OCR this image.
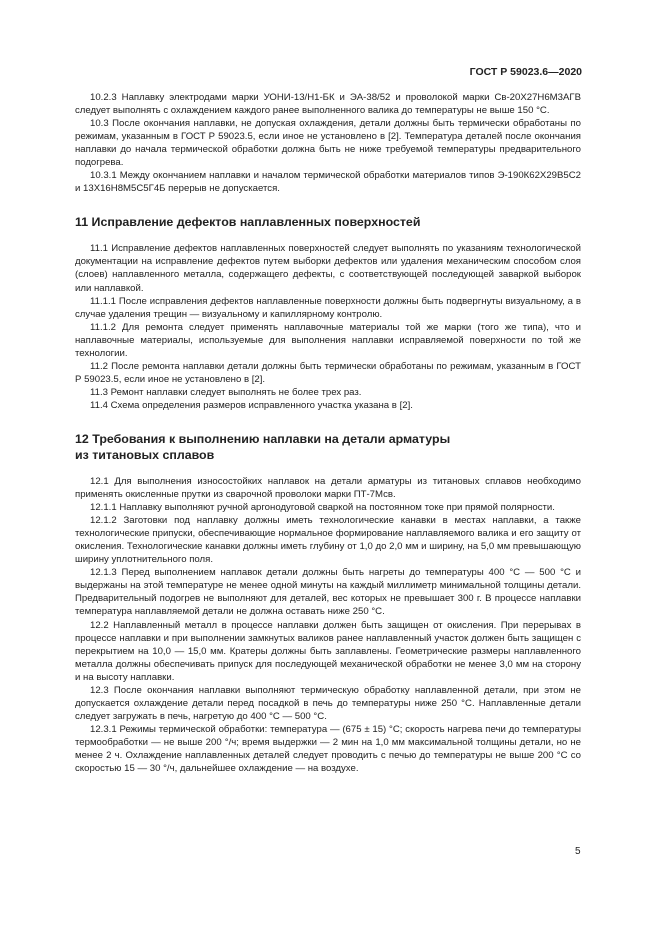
ГОСТ Р 59023.6—2020

10.2.3 Наплавку электродами марки УОНИ-13/Н1-БК и ЭА-38/52 и проволокой марки Св-20Х27Н6М3АГВ следует выполнять с охлаждением каждого ранее выполненного валика до температуры не выше 150 °С.

10.3 После окончания наплавки, не допуская охлаждения, детали должны быть термически обработаны по режимам, указанным в ГОСТ Р 59023.5, если иное не установлено в [2]. Температура деталей после окончания наплавки до начала термической обработки должна быть не ниже требуемой температуры предварительного подогрева.

10.3.1 Между окончанием наплавки и началом термической обработки материалов типов Э-190К62Х29В5С2 и 13Х16Н8М5С5Г4Б перерыв не допускается.

11 Исправление дефектов наплавленных поверхностей

11.1 Исправление дефектов наплавленных поверхностей следует выполнять по указаниям технологической документации на исправление дефектов путем выборки дефектов или удаления механическим способом слоя (слоев) наплавленного металла, содержащего дефекты, с соответствующей последующей заваркой выборок или наплавкой.

11.1.1 После исправления дефектов наплавленные поверхности должны быть подвергнуты визуальному, а в случае удаления трещин — визуальному и капиллярному контролю.

11.1.2 Для ремонта следует применять наплавочные материалы той же марки (того же типа), что и наплавочные материалы, используемые для выполнения наплавки исправляемой поверхности по той же технологии.

11.2 После ремонта наплавки детали должны быть термически обработаны по режимам, указанным в ГОСТ Р 59023.5, если иное не установлено в [2].

11.3 Ремонт наплавки следует выполнять не более трех раз.

11.4 Схема определения размеров исправленного участка указана в [2].

12 Требования к выполнению наплавки на детали арматуры
из титановых сплавов

12.1 Для выполнения износостойких наплавок на детали арматуры из титановых сплавов необходимо применять окисленные прутки из сварочной проволоки марки ПТ-7Мсв.

12.1.1 Наплавку выполняют ручной аргонодуговой сваркой на постоянном токе при прямой полярности.

12.1.2 Заготовки под наплавку должны иметь технологические канавки в местах наплавки, а также технологические припуски, обеспечивающие нормальное формирование наплавляемого валика и его защиту от окисления. Технологические канавки должны иметь глубину от 1,0 до 2,0 мм и ширину, на 5,0 мм превышающую ширину уплотнительного поля.

12.1.3 Перед выполнением наплавок детали должны быть нагреты до температуры 400 °С — 500 °С и выдержаны на этой температуре не менее одной минуты на каждый миллиметр минимальной толщины детали. Предварительный подогрев не выполняют для деталей, вес которых не превышает 300 г. В процессе наплавки температура наплавляемой детали не должна оставать ниже 250 °С.

12.2 Наплавленный металл в процессе наплавки должен быть защищен от окисления. При перерывах в процессе наплавки и при выполнении замкнутых валиков ранее наплавленный участок должен быть защищен с перекрытием на 10,0 — 15,0 мм. Кратеры должны быть заплавлены. Геометрические размеры наплавленного металла должны обеспечивать припуск для последующей механической обработки не менее 3,0 мм на сторону и на высоту наплавки.

12.3 После окончания наплавки выполняют термическую обработку наплавленной детали, при этом не допускается охлаждение детали перед посадкой в печь до температуры ниже 250 °С. Наплавленные детали следует загружать в печь, нагретую до 400 °С — 500 °С.

12.3.1 Режимы термической обработки: температура — (675 ± 15) °С; скорость нагрева печи до температуры термообработки — не выше 200 °/ч; время выдержки — 2 мин на 1,0 мм максимальной толщины детали, но не менее 2 ч. Охлаждение наплавленных деталей следует проводить с печью до температуры не выше 200 °С со скоростью 15 — 30 °/ч, дальнейшее охлаждение — на воздухе.

5
